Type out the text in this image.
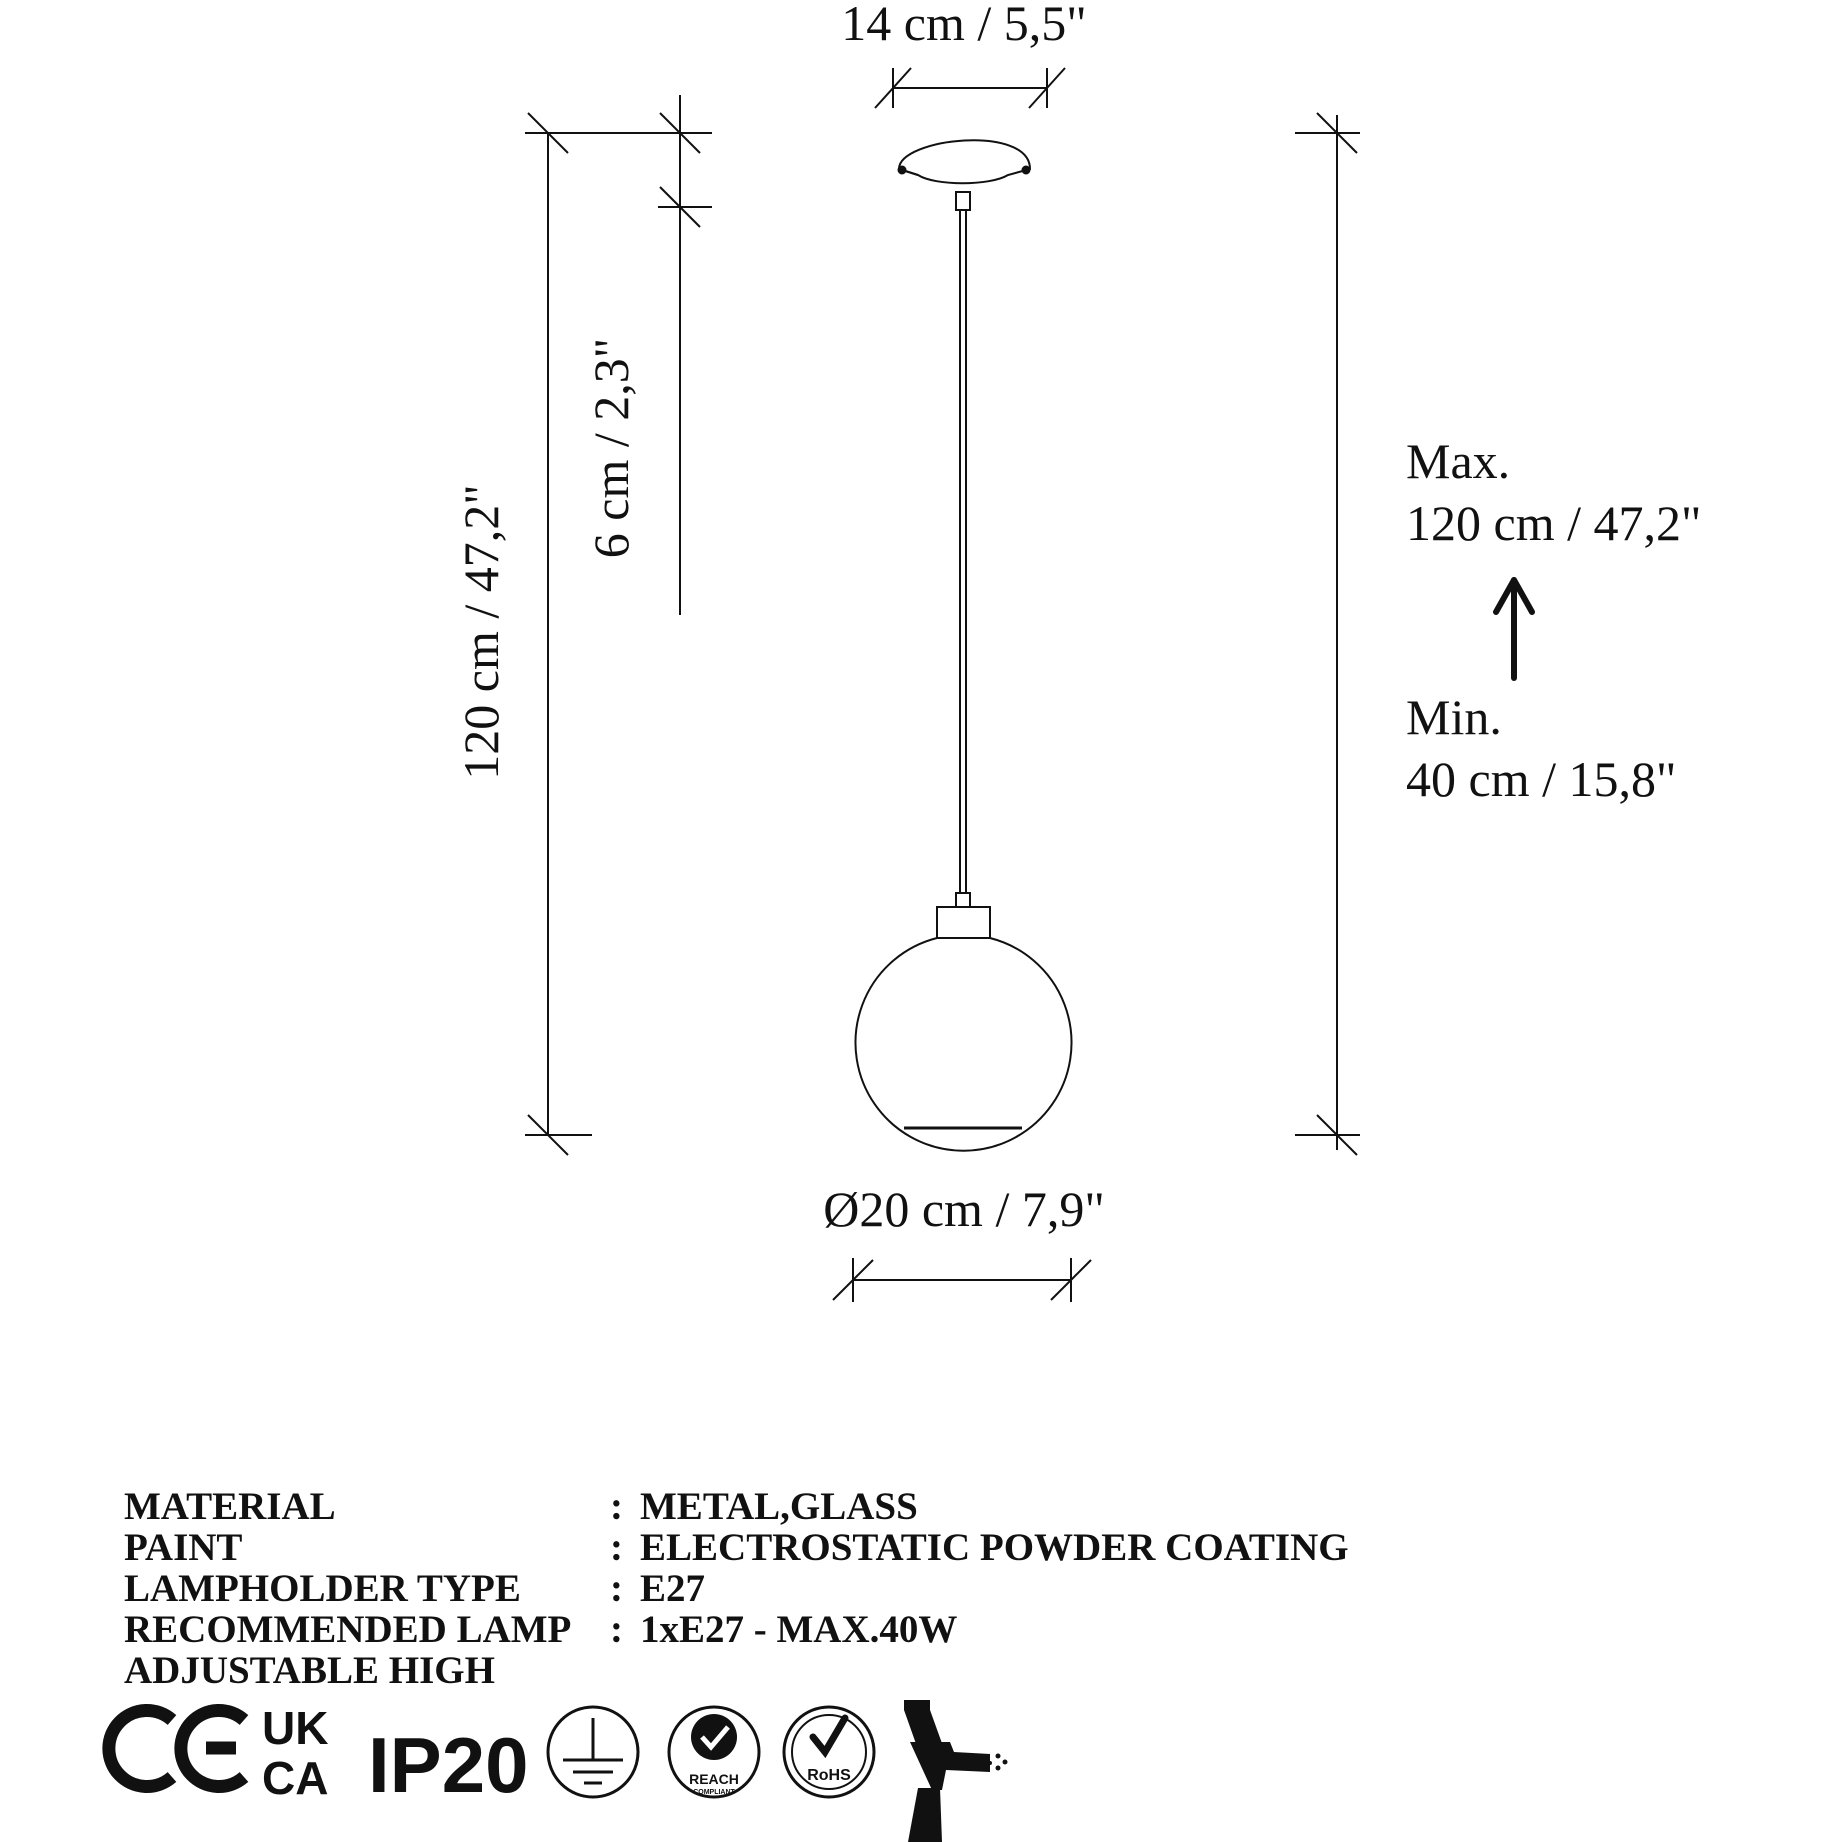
14 cm / 5,5"
120 cm / 47,2"
6 cm / 2,3"
Ø20 cm / 7,9"
Max.
120 cm / 47,2"
Min.
40 cm / 15,8"
UK
CA IP20	REACH
COMPLIANT
RoHS
MATERIAL	: METAL,GLASS
PAINT	: ELECTROSTATIC POWDER COATING
LAMPHOLDER TYPE : E27
RECOMMENDED LAMP : 1xE27 - MAX.40W
ADJUSTABLE HIGH
